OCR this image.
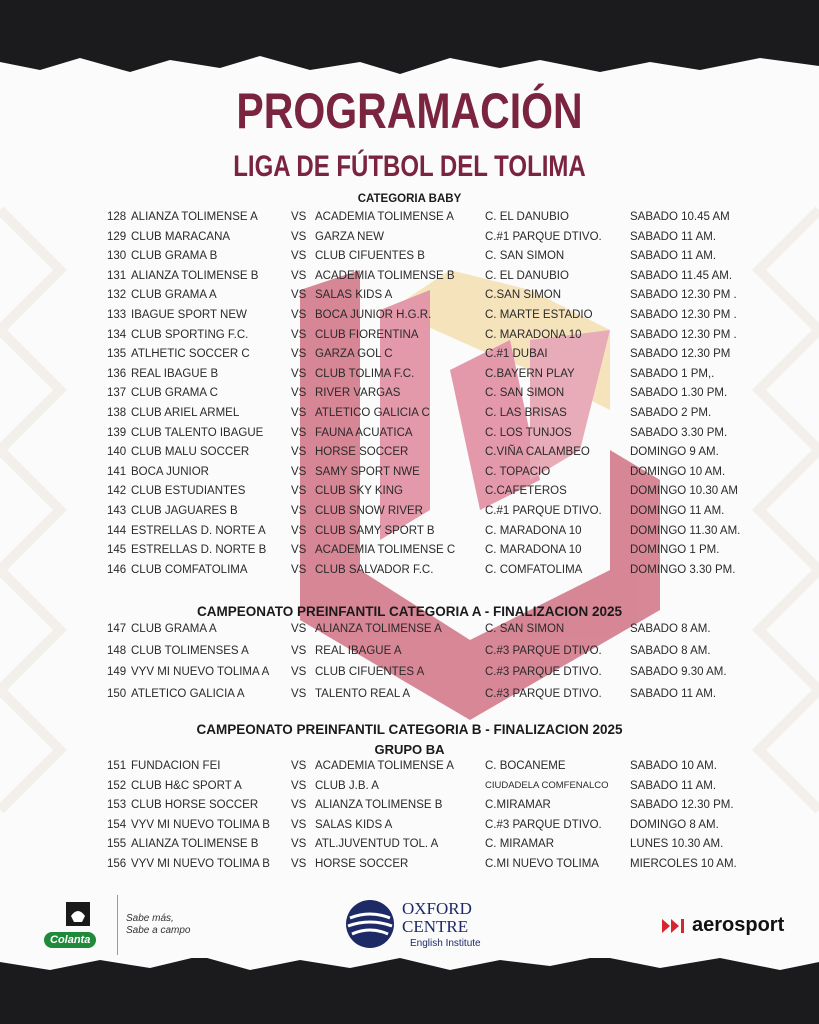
PROGRAMACIÓN
LIGA DE FÚTBOL DEL TOLIMA
CATEGORIA BABY
CAMPEONATO PREINFANTIL CATEGORIA A - FINALIZACION 2025
CAMPEONATO PREINFANTIL CATEGORIA B - FINALIZACION 2025
GRUPO BA
128 ALIANZA TOLIMENSE A	VS ACADEMIA TOLIMENSE A	C. EL DANUBIO	SABADO 10.45 AM
129 CLUB MARACANA	VS GARZA NEW	C.#1 PARQUE DTIVO. SABADO 11 AM.
130 CLUB GRAMA B	VS CLUB CIFUENTES B	C. SAN SIMON	SABADO 11 AM.
131 ALIANZA TOLIMENSE B	VS ACADEMIA TOLIMENSE B	C. EL DANUBIO	SABADO 11.45 AM.
132 CLUB GRAMA A	VS SALAS KIDS A	C.SAN SIMON	SABADO 12.30 PM .
133 IBAGUE SPORT NEW	VS BOCA JUNIOR H.G.R.	C. MARTE ESTADIO	SABADO 12.30 PM .
134 CLUB SPORTING F.C.	VS CLUB FIORENTINA	C. MARADONA 10	SABADO 12.30 PM .
135 ATLHETIC SOCCER C	VS GARZA GOL C	C.#1 DUBAI	SABADO 12.30 PM
136 REAL IBAGUE B	VS CLUB TOLIMA F.C.	C.BAYERN PLAY	SABADO 1 PM,.
137 CLUB GRAMA C	VS RIVER VARGAS	C. SAN SIMON	SABADO 1.30 PM.
138 CLUB ARIEL ARMEL	VS ATLETICO GALICIA C	C. LAS BRISAS	SABADO 2 PM.
139 CLUB TALENTO IBAGUE VS FAUNA ACUATICA	C. LOS TUNJOS	SABADO 3.30 PM.
140 CLUB MALU SOCCER	VS HORSE SOCCER	C.VIÑA CALAMBEO	DOMINGO 9 AM.
141 BOCA JUNIOR	VS SAMY SPORT NWE	C. TOPACIO	DOMINGO 10 AM.
142 CLUB ESTUDIANTES	VS CLUB SKY KING	C.CAFETEROS	DOMINGO 10.30 AM
143 CLUB JAGUARES B	VS CLUB SNOW RIVER	C.#1 PARQUE DTIVO. DOMINGO 11 AM.
144 ESTRELLAS D. NORTE A VS CLUB SAMY SPORT B	C. MARADONA 10	DOMINGO 11.30 AM.
145 ESTRELLAS D. NORTE B VS ACADEMIA TOLIMENSE C	C. MARADONA 10	DOMINGO 1 PM.
146 CLUB COMFATOLIMA	VS CLUB SALVADOR F.C.	C. COMFATOLIMA	DOMINGO 3.30 PM.
147 CLUB GRAMA A	VS ALIANZA TOLIMENSE A	C. SAN SIMON	SABADO 8 AM.
148 CLUB TOLIMENSES A	VS REAL IBAGUE A	C.#3 PARQUE DTIVO. SABADO 8 AM.
149 VYV MI NUEVO TOLIMA A VS CLUB CIFUENTES A	C.#3 PARQUE DTIVO. SABADO 9.30 AM.
150 ATLETICO GALICIA A	VS TALENTO REAL A	C.#3 PARQUE DTIVO. SABADO 11 AM.
151 FUNDACION FEI	VS ACADEMIA TOLIMENSE A	C. BOCANEME	SABADO 10 AM.
152 CLUB H&C SPORT A	VS CLUB J.B. A	CIUDADELA COMFENALCO SABADO 11 AM.
153 CLUB HORSE SOCCER	VS ALIANZA TOLIMENSE B	C.MIRAMAR	SABADO 12.30 PM.
154 VYV MI NUEVO TOLIMA B VS SALAS KIDS A	C.#3 PARQUE DTIVO. DOMINGO 8 AM.
155 ALIANZA TOLIMENSE B	VS ATL.JUVENTUD TOL. A	C. MIRAMAR	LUNES 10.30 AM.
156 VYV MI NUEVO TOLIMA B VS HORSE SOCCER	C.MI NUEVO TOLIMA	MIERCOLES 10 AM.
Colanta
Sabe más,
Sabe a campo
OXFORD
CENTRE
English Institute
aerosport
